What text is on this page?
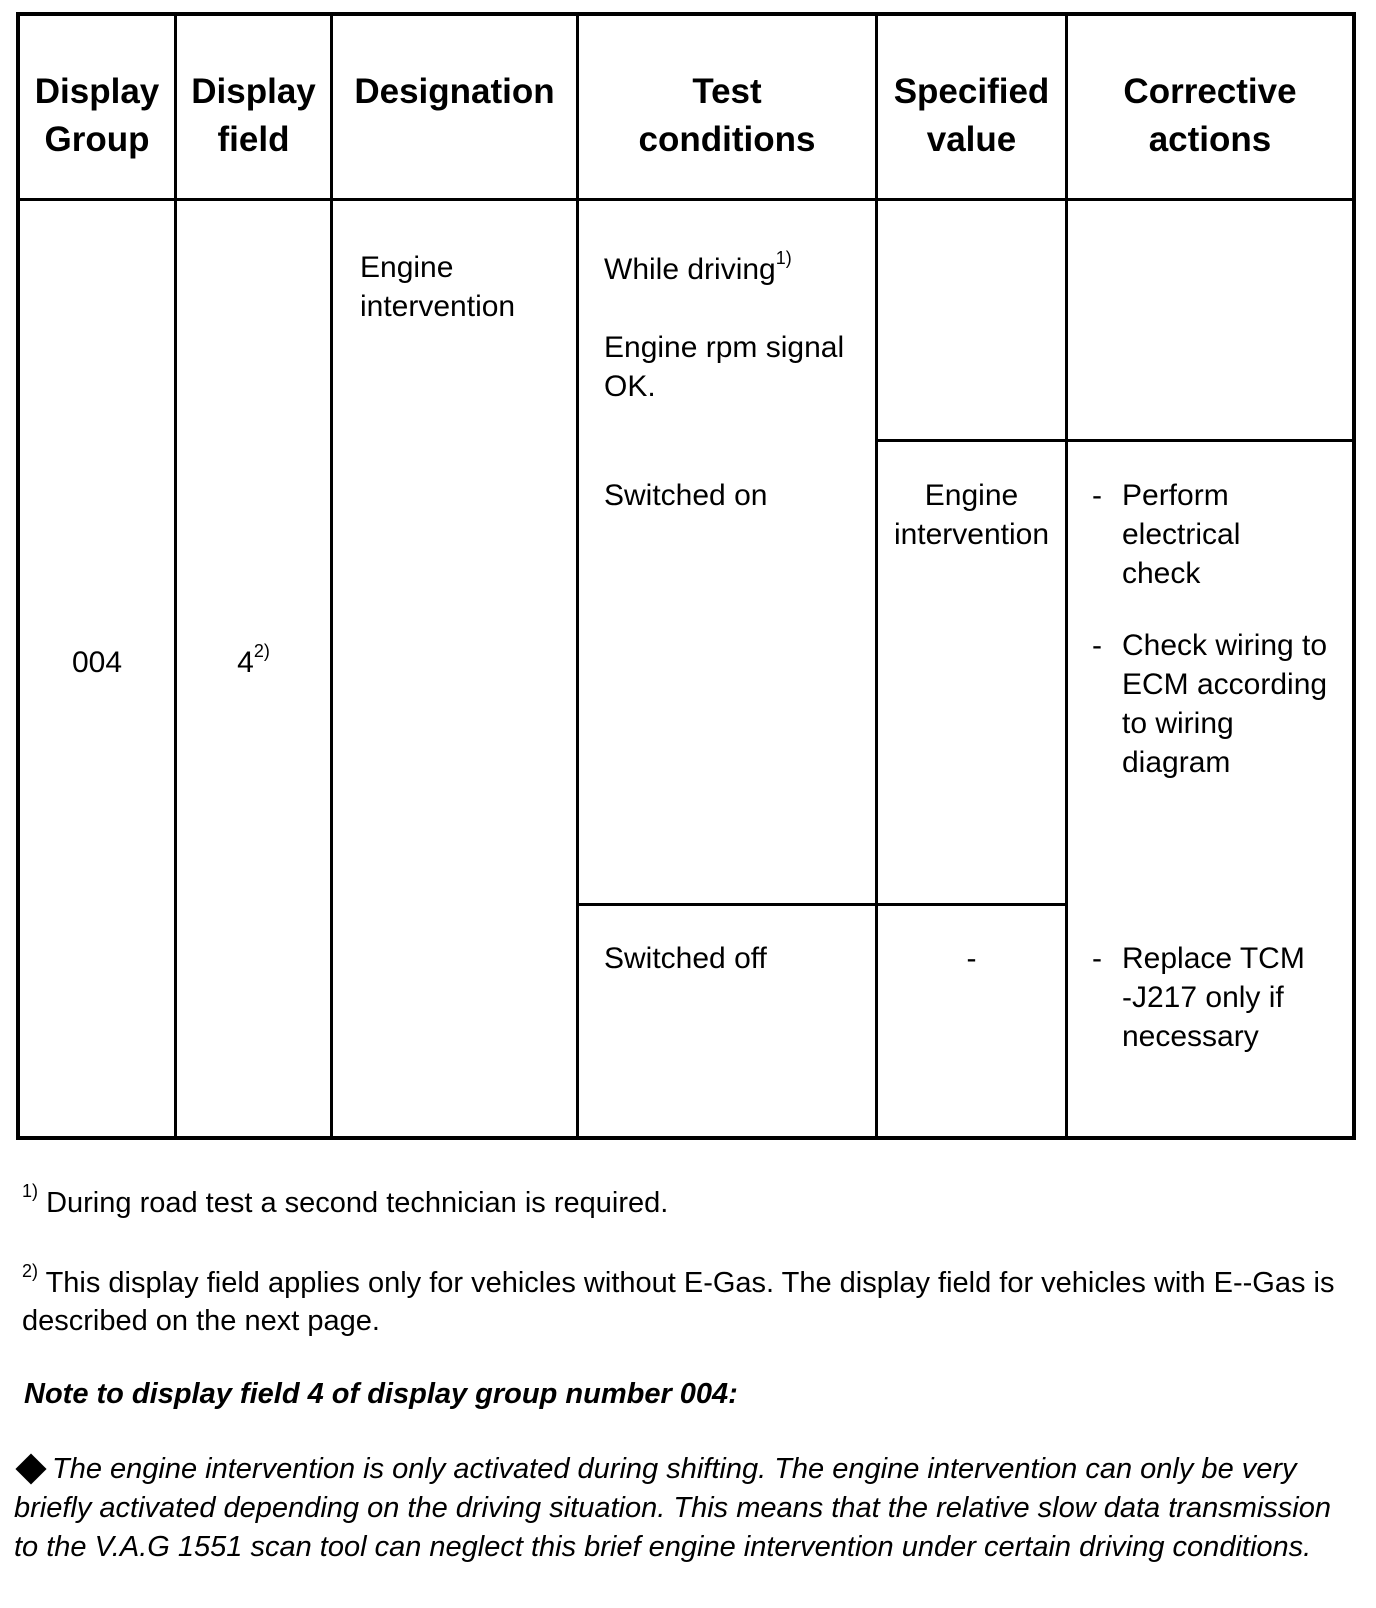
Display
Group
Display
field
Designation	Test
conditions
Specified
value
Corrective
actions
004	4$^{2)}$
Engine intervention
While driving$^{1)}$
Engine rpm signal OK.
Switched on
Switched off
Engine intervention
-
- Perform electrical check
- Check wiring to ECM according to wiring diagram
- Replace TCM -J217 only if necessary
$^{1)}$ During road test a second technician is required.
$^{2)}$ This display field applies only for vehicles without E-Gas. The display field for vehicles with E--Gas is described on the next page.
Note to display field 4 of display group number 004:
The engine intervention is only activated during shifting. The engine intervention can only be very briefly activated depending on the driving situation. This means that the relative slow data transmission to the V.A.G 1551 scan tool can neglect this brief engine intervention under certain driving conditions.
